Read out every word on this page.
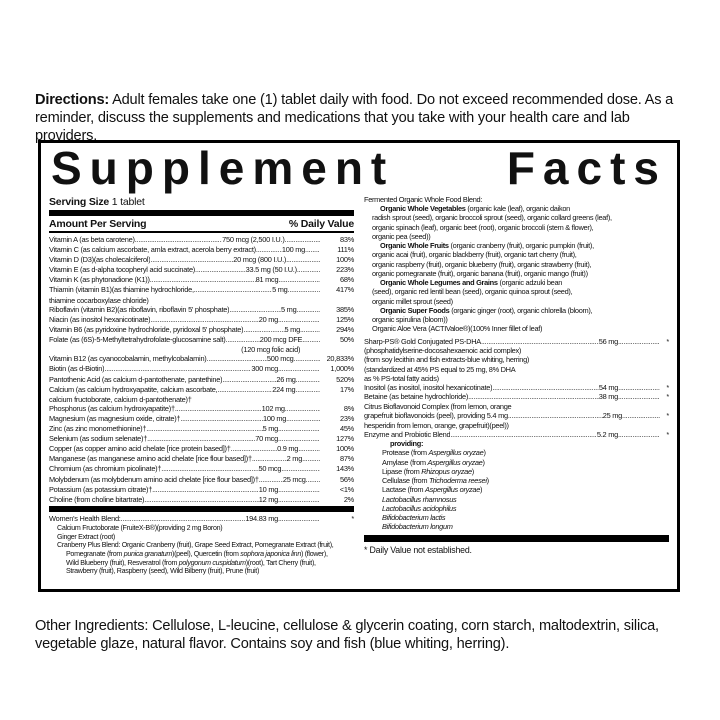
Directions: Adult females take one (1) tablet daily with food. Do not exceed recommended dose. As a reminder, discuss the supplements and medications that you take with your health care and lab providers.

Supplement Facts
Serving Size 1 tablet
Amount Per Serving	% Daily Value
Vitamin A (as beta carotene) .....	750 mcg (2,500 I.U.) .....	83%
Vitamin C (as calcium ascorbate, amla extract, acerola berry extract) .....	100 mg .....	111%
Vitamin D (D3)(as cholecalciferol) .....	20 mcg (800 I.U.) .....	100%
Vitamin E (as d-alpha tocopheryl acid succinate) .....	33.5 mg (50 I.U.) .....	223%
Vitamin K (as phytonadione (K1)) .....	81 mcg .....	68%
Thiamin (vitamin B1)(as thiamine hydrochloride, .....	5 mg .....	417%
thiamine cocarboxylase chloride)
Riboflavin (vitamin B2)(as riboflavin, riboflavin 5' phosphate) .....	5 mg .....	385%
Niacin (as inositol hexanicotinate) .....	20 mg .....	125%
Vitamin B6 (as pyridoxine hydrochloride, pyridoxal 5' phosphate) .....	5 mg .....	294%
Folate (as (6S)-5-Methyltetrahydrofolate-glucosamine salt) .....	200 mcg DFE .....	50%
(120 mcg folic acid)
Vitamin B12 (as cyanocobalamin, methylcobalamin) .....	500 mcg .....	20,833%
Biotin (as d-Biotin) .....	300 mcg .....	1,000%
Pantothenic Acid (as calcium d-pantothenate, pantethine) .....	26 mg .....	520%
Calcium (as calcium hydroxyapatite, calcium ascorbate, .....	224 mg .....	17%
calcium fructoborate, calcium d-pantothenate)†
Phosphorus (as calcium hydroxyapatite)† .....	102 mg .....	8%
Magnesium (as magnesium oxide, citrate)† .....	100 mg .....	23%
Zinc (as zinc monomethionine)† .....	5 mg .....	45%
Selenium (as sodium selenate)† .....	70 mcg .....	127%
Copper (as copper amino acid chelate [rice protein based])† .....	0.9 mg .....	100%
Manganese (as manganese amino acid chelate [rice flour based])† .....	2 mg .....	87%
Chromium (as chromium picolinate)† .....	50 mcg .....	143%
Molybdenum (as molybdenum amino acid chelate [rice flour based])† .....	25 mcg .....	56%
Potassium (as potassium citrate)† .....	10 mg .....	<1%
Choline (from choline bitartrate) .....	12 mg .....	2%
Women's Health Blend: .....	194.83 mg .....	*
Calcium Fructoborate (FruiteX-B®)(providing 2 mg Boron)
Ginger Extract (root)
Cranberry Plus Blend: Organic Cranberry (fruit), Grape Seed Extract, Pomegranate Extract (fruit),
Pomegranate (from punica granatum)(peel), Quercetin (from sophora japonica linn) (flower),
Wild Blueberry (fruit), Resveratrol (from polygonum cuspidatum)(root), Tart Cherry (fruit),
Strawberry (fruit), Raspberry (seed), Wild Bilberry (fruit), Prune (fruit)
Fermented Organic Whole Food Blend:
Organic Whole Vegetables (organic kale (leaf), organic daikon
radish sprout (seed), organic broccoli sprout (seed), organic collard greens (leaf),
organic spinach (leaf), organic beet (root), organic broccoli (stem & flower),
organic pea (seed))
Organic Whole Fruits (organic cranberry (fruit), organic pumpkin (fruit),
organic acai (fruit), organic blackberry (fruit), organic tart cherry (fruit),
organic raspberry (fruit), organic blueberry (fruit), organic strawberry (fruit),
organic pomegranate (fruit), organic banana (fruit), organic mango (fruit))
Organic Whole Legumes and Grains (organic adzuki bean
(seed), organic red lentil bean (seed), organic quinoa sprout (seed),
organic millet sprout (seed)
Organic Super Foods (organic ginger (root), organic chlorella (bloom),
organic spirulina (bloom))
Organic Aloe Vera (ACTIValoe®)(100% Inner fillet of leaf)
Sharp-PS® Gold Conjugated PS-DHA .....	56 mg .....	*
(phosphatidylserine-docosahexaenoic acid complex)
(from soy lecithin and fish extracts-blue whiting, herring)
(standardized at 45% PS equal to 25 mg, 8% DHA
as % PS-total fatty acids)
Inositol (as inositol, inositol hexanicotinate) .....	54 mg .....	*
Betaine (as betaine hydrochloride) .....	38 mg .....	*
Citrus Bioflavonoid Complex (from lemon, orange
grapefruit bioflavonoids (peel), providing 5.4 mg .....	25 mg .....	*
hesperidin from lemon, orange, grapefruit)(peel))
Enzyme and Probiotic Blend .....	5.2 mg .....	*
providing:
Protease (from Aspergillus oryzae)
Amylase (from Aspergillus oryzae)
Lipase (from Rhizopus oryzae)
Cellulase (from Trichoderma reesei)
Lactase (from Aspergillus oryzae)
Lactobacillus rhamnosus
Lactobacillus acidophilus
Bifidobacterium lactis
Bifidobacterium longum
* Daily Value not established.

Other Ingredients: Cellulose, L-leucine, cellulose & glycerin coating, corn starch, maltodextrin, silica, vegetable glaze, natural flavor. Contains soy and fish (blue whiting, herring).
